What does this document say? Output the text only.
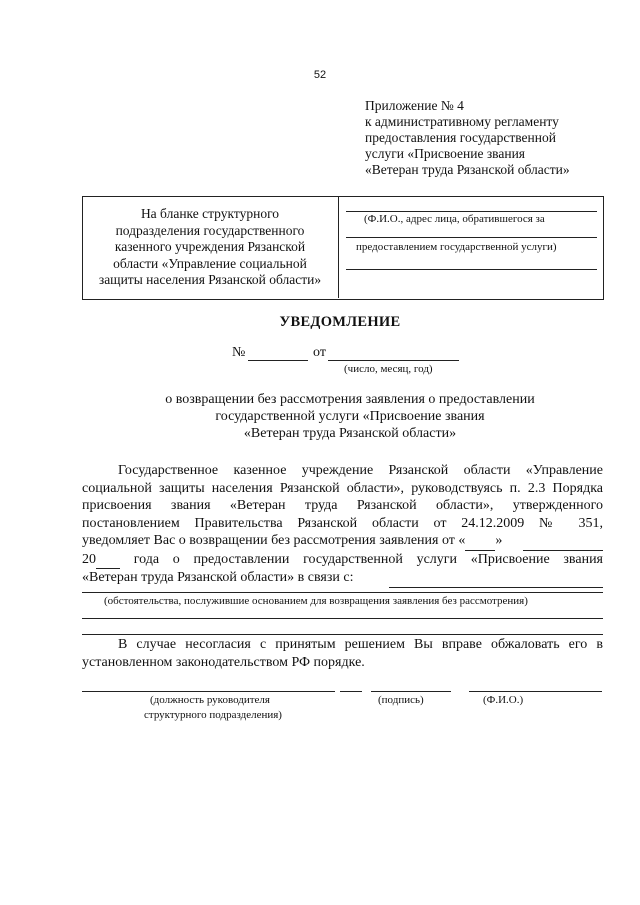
52
Приложение № 4
к административному регламенту
предоставления государственной
услуги «Присвоение звания
«Ветеран труда Рязанской области»
На бланке структурного
подразделения государственного
казенного учреждения Рязанской
области «Управление социальной
защиты населения Рязанской области»
(Ф.И.О., адрес лица, обратившегося за
предоставлением государственной услуги)
УВЕДОМЛЕНИЕ
№	от
(число, месяц, год)
о возвращении без рассмотрения заявления о предоставлении
государственной услуги «Присвоение звания
«Ветеран труда Рязанской области»
Государственное казенное учреждение Рязанской области «Управление
социальной защиты населения Рязанской области», руководствуясь п. 2.3 Порядка
присвоения звания «Ветеран труда Рязанской области», утвержденного
постановлением Правительства Рязанской области от 24.12.2009 № 351,
уведомляет Вас о возвращении без рассмотрения заявления от « »

20  года о предоставлении государственной услуги «Присвоение звания
«Ветеран труда Рязанской области» в связи с:

(обстоятельства, послужившие основанием для возвращения заявления без рассмотрения)
В случае несогласия с принятым решением Вы вправе обжаловать его в
установленном законодательством РФ порядке.
(должность руководителя
структурного подразделения)
(подпись)	(Ф.И.О.)
